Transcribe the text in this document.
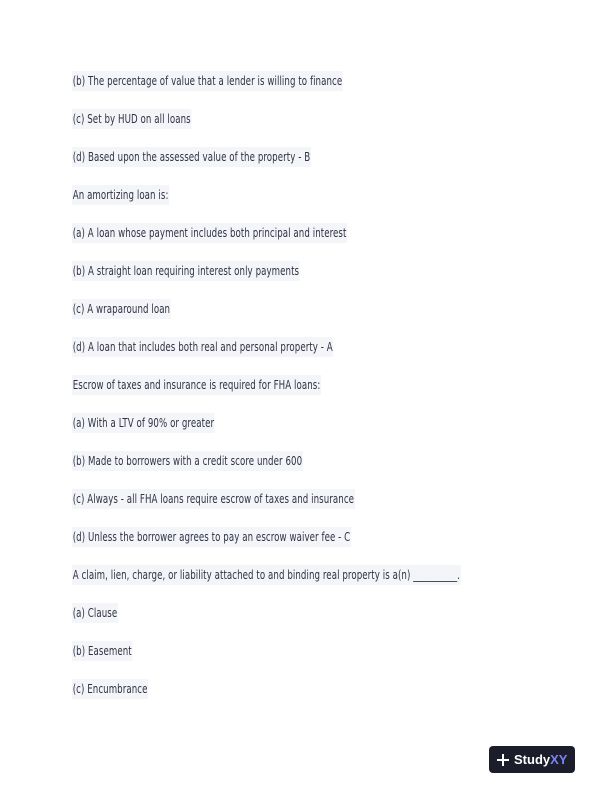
(b) The percentage of value that a lender is willing to finance
(c) Set by HUD on all loans
(d) Based upon the assessed value of the property - B
An amortizing loan is:
(a) A loan whose payment includes both principal and interest
(b) A straight loan requiring interest only payments
(c) A wraparound loan
(d) A loan that includes both real and personal property - A
Escrow of taxes and insurance is required for FHA loans:
(a) With a LTV of 90% or greater
(b) Made to borrowers with a credit score under 600
(c) Always - all FHA loans require escrow of taxes and insurance
(d) Unless the borrower agrees to pay an escrow waiver fee - C
A claim, lien, charge, or liability attached to and binding real property is a(n) __________.
(a) Clause
(b) Easement
(c) Encumbrance
StudyXY
